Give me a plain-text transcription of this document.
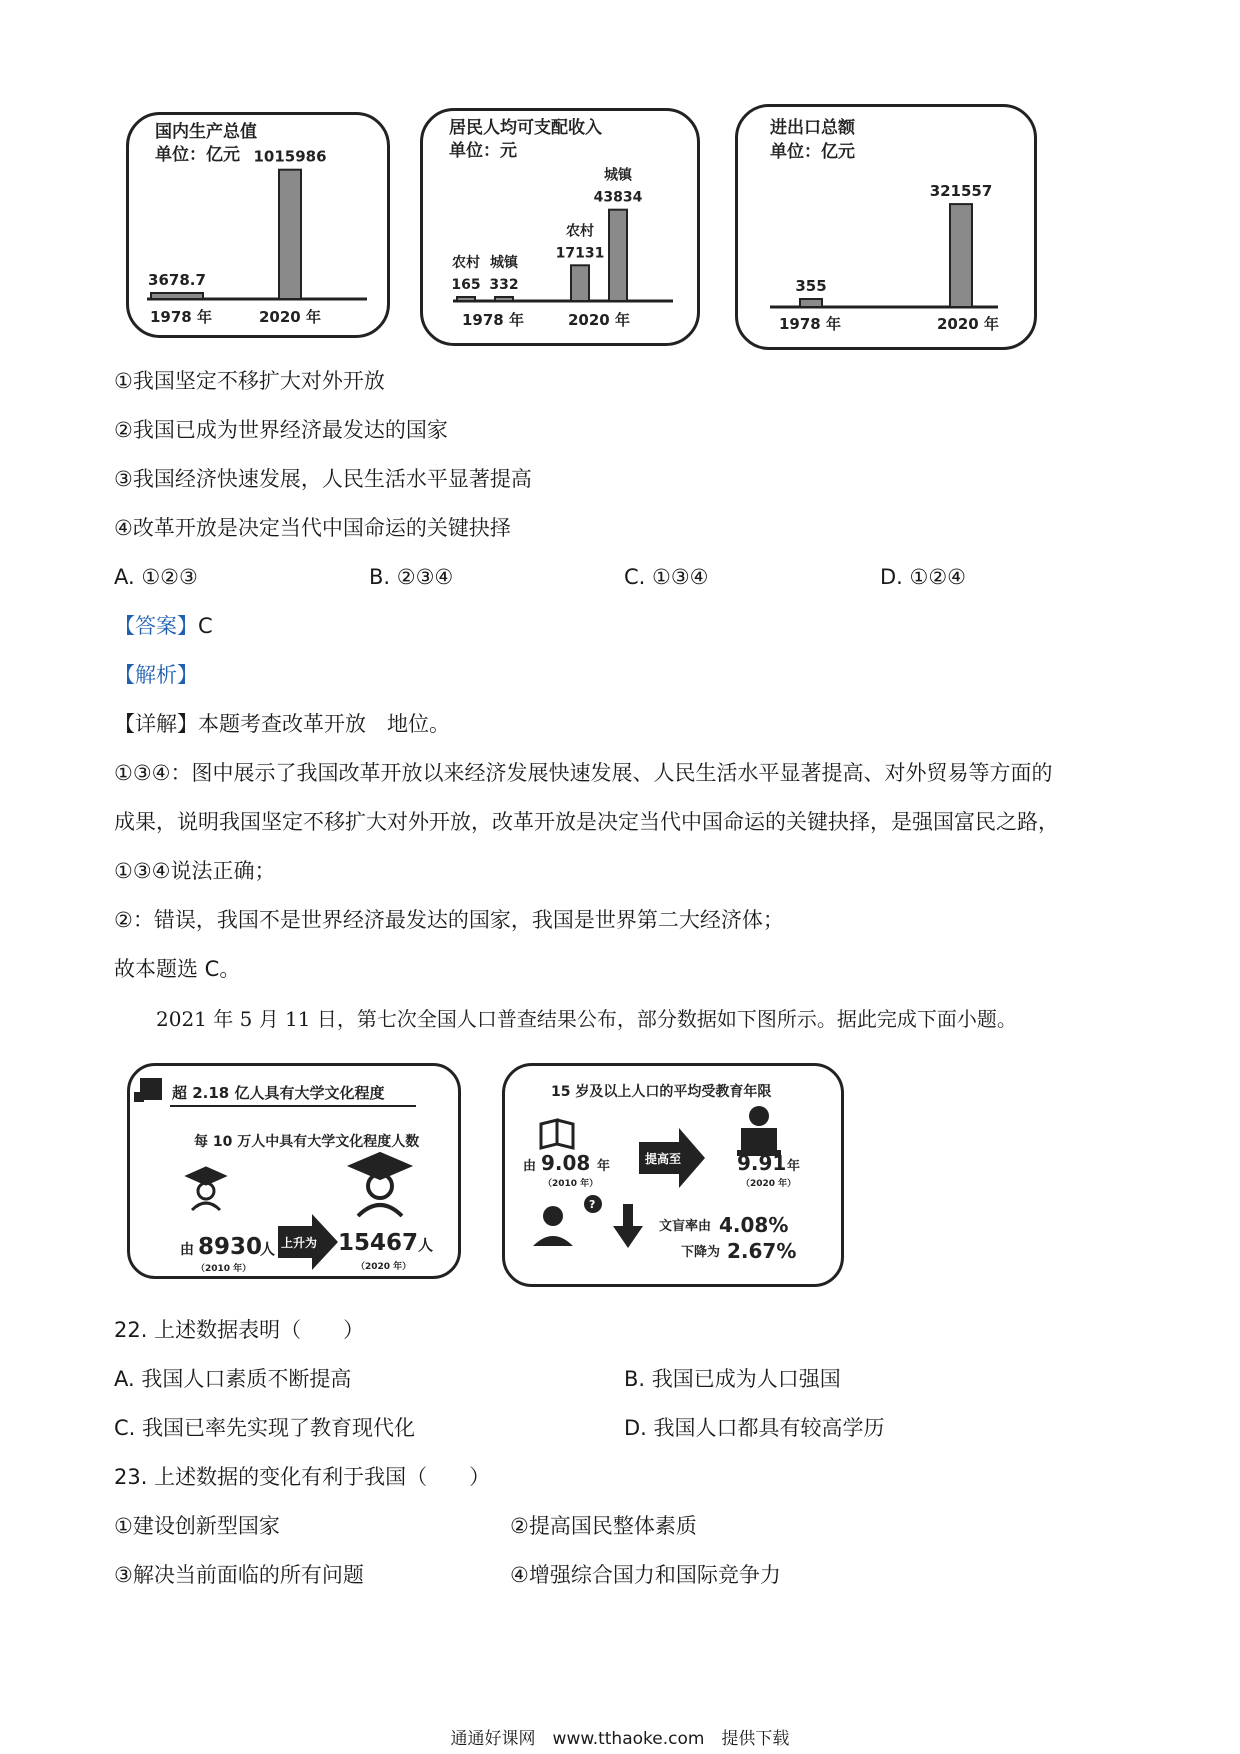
国内生产总值
单位：亿元
3678.7
1978 年
1015986
2020 年
居民人均可支配收入
单位：元
165
农村
332
城镇
1978 年
17131
农村
43834
城镇
2020 年
进出口总额
单位：亿元
355
1978 年
321557
2020 年
①我国坚定不移扩大对外开放
②我国已成为世界经济最发达的国家
③我国经济快速发展，人民生活水平显著提高
④改革开放是决定当代中国命运的关键抉择
A. ①②③	B. ②③④	C. ①③④	D. ①②④
【答案】C
【解析】
【详解】本题考查改革开放　地位。
①③④：图中展示了我国改革开放以来经济发展快速发展、人民生活水平显著提高、对外贸易等方面的
成果，说明我国坚定不移扩大对外开放，改革开放是决定当代中国命运的关键抉择，是强国富民之路，
①③④说法正确；
②：错误，我国不是世界经济最发达的国家，我国是世界第二大经济体；
故本题选 C。
2021 年 5 月 11 日，第七次全国人口普查结果公布，部分数据如下图所示。据此完成下面小题。
超 2.18 亿人具有大学文化程度
每 10 万人中具有大学文化程度人数
由 8930
人
（2010 年）
上升为 15467 人
（2020 年）
15 岁及以上人口的平均受教育年限
由 9.08 年
（2010 年）
提高至	9.91 年
（2020 年）
?
文盲率由 4.08%
下降为 2.67%
22. 上述数据表明（　　）
A. 我国人口素质不断提高	B. 我国已成为人口强国
C. 我国已率先实现了教育现代化	D. 我国人口都具有较高学历
23. 上述数据的变化有利于我国（　　）
①建设创新型国家	②提高国民整体素质
③解决当前面临的所有问题	④增强综合国力和国际竞争力
通通好课网　www.tthaoke.com　提供下载
